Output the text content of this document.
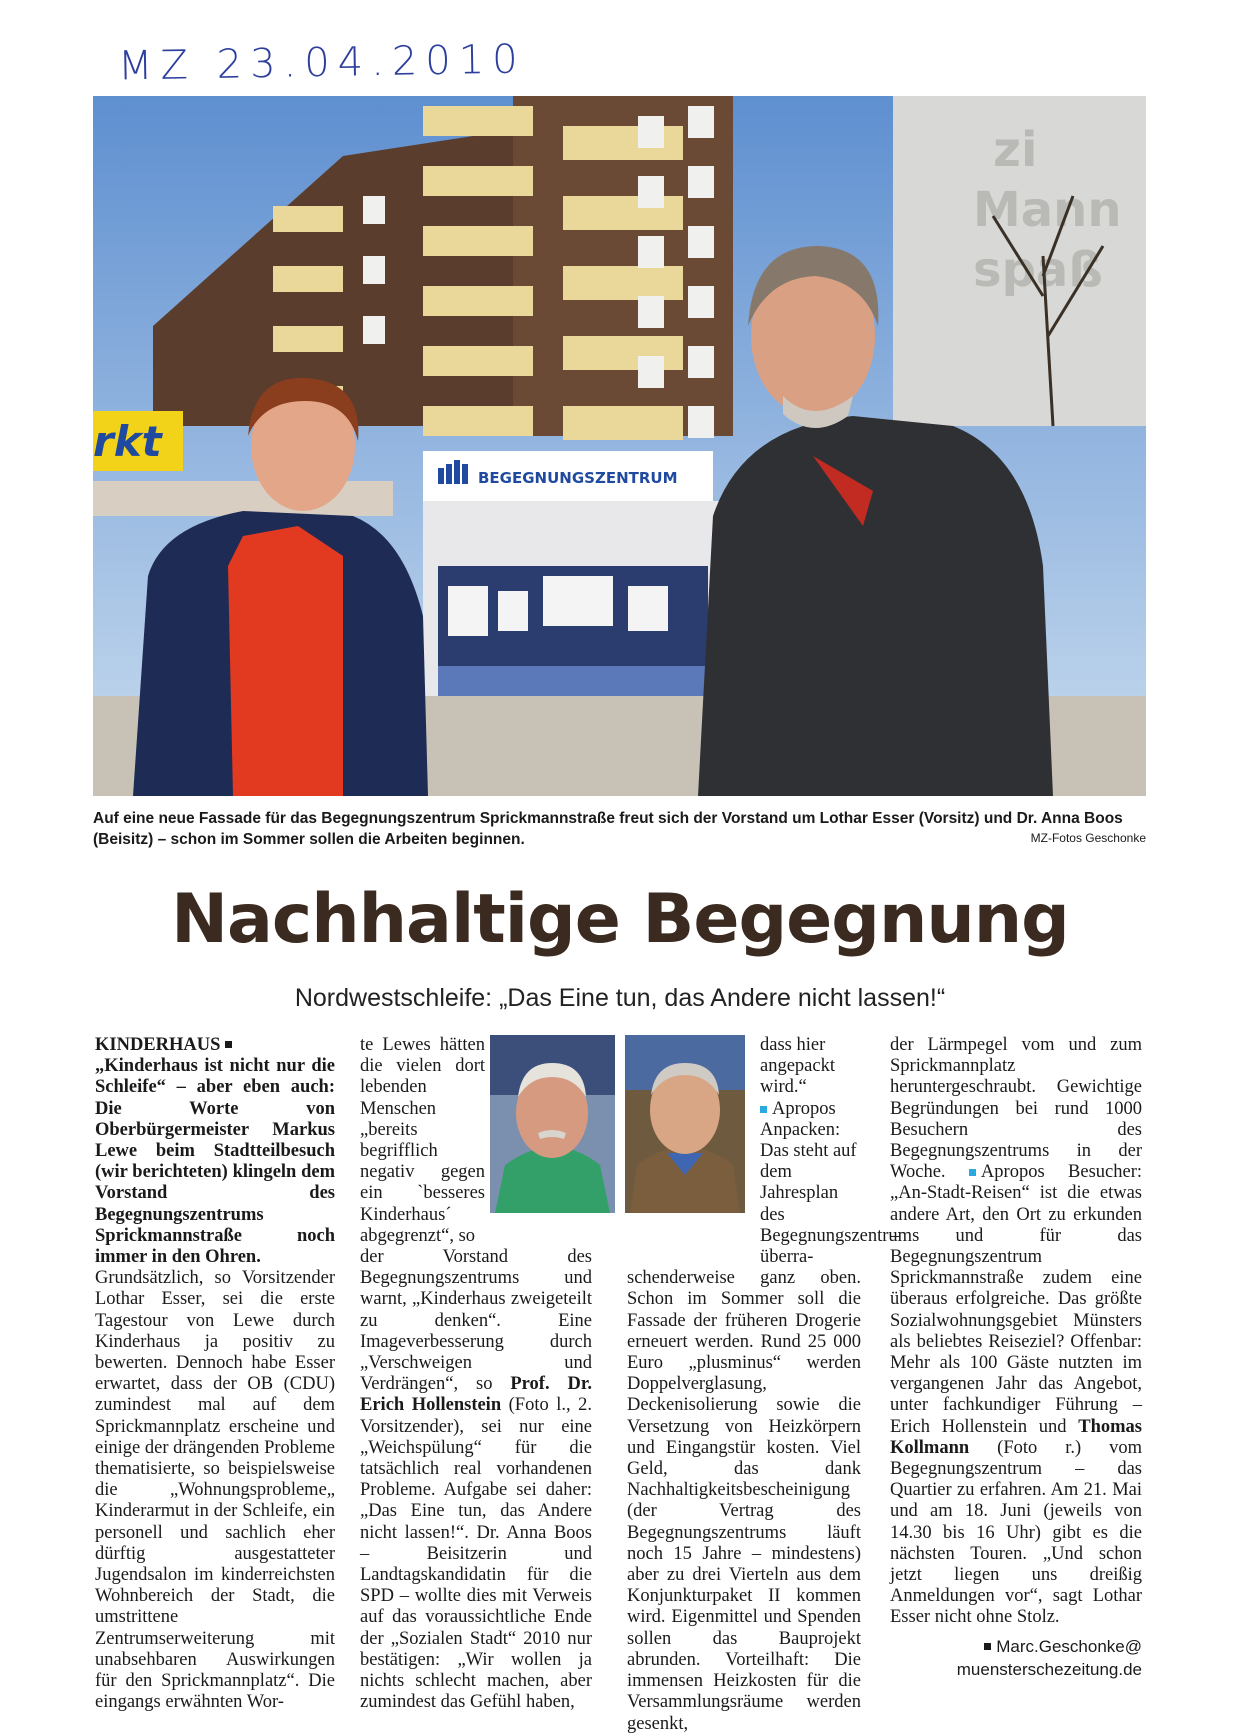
MZ 23.04.2010
zi
Mann
spaß
rkt
BEGEGNUNGSZENTRUM
Auf eine neue Fassade für das Begegnungszentrum Sprickmannstraße freut sich der Vorstand um Lothar Esser (Vorsitz) und Dr. Anna Boos (Beisitz) – schon im Sommer sollen die Arbeiten beginnen.	MZ-Fotos Geschonke
Nachhaltige Begegnung
Nordwestschleife: „Das Eine tun, das Andere nicht lassen!“

KINDERHAUS„Kinderhaus ist nicht nur die Schleife“ – aber eben auch: Die Worte von Oberbürgermeister Markus Lewe beim Stadtteilbesuch (wir berichteten) klingeln dem Vorstand des Begegnungszentrums Sprickmannstraße noch immer in den Ohren.

Grundsätzlich, so Vorsitzender Lothar Esser, sei die erste Tagestour von Lewe durch Kinderhaus ja positiv zu bewerten. Dennoch habe Esser erwartet, dass der OB (CDU) zumindest mal auf dem Sprickmannplatz erscheine und einige der drängenden Probleme thematisierte, so beispielsweise die „Wohnungsprobleme„ Kinderarmut in der Schleife, ein personell und sachlich eher dürftig ausgestatteter Jugendsalon im kinderreichsten Wohnbereich der Stadt, die umstrittene Zentrumserweiterung mit unabsehbaren Auswirkungen für den Sprickmannplatz“. Die eingangs erwähnten Wor-

te Lewes hätten die vielen dort lebenden Menschen „bereits begrifflich negativ gegen ein `besseres Kinderhaus´ abgegrenzt“, so

der Vorstand des Begegnungszentrums und warnt, „Kinderhaus zweigeteilt zu denken“. Eine Imageverbesserung durch „Verschweigen und Verdrängen“, so Prof. Dr. Erich Hollenstein (Foto l., 2. Vorsitzender), sei nur eine „Weichspülung“ für die tatsächlich real vorhandenen Probleme. Aufgabe sei daher: „Das Eine tun, das Andere nicht lassen!“. Dr. Anna Boos – Beisitzerin und Landtagskandidatin für die SPD – wollte dies mit Verweis auf das voraussichtliche Ende der „Sozialen Stadt“ 2010 nur bestätigen: „Wir wollen ja nichts schlecht machen, aber zumindest das Gefühl haben,

dass hier angepackt wird.“

Apropos Anpacken:

Das steht auf dem Jahresplan des Begegnungszentrums überra-

schenderweise ganz oben. Schon im Sommer soll die Fassade der früheren Drogerie erneuert werden. Rund 25 000 Euro „plusminus“ werden Doppelverglasung, Deckenisolierung sowie die Versetzung von Heizkörpern und Eingangstür kosten. Viel Geld, das dank Nachhaltigkeitsbescheinigung (der Vertrag des Begegnungszentrums läuft noch 15 Jahre – mindestens) aber zu drei Vierteln aus dem Konjunkturpaket II kommen wird. Eigenmittel und Spenden sollen das Bauprojekt abrunden. Vorteilhaft: Die immensen Heizkosten für die Versammlungsräume werden gesenkt,

der Lärmpegel vom und zum Sprickmannplatz heruntergeschraubt. Gewichtige Begründungen bei rund 1000 Besuchern des Begegnungszentrums in der Woche. Apropos Besucher: „An-Stadt-Reisen“ ist die etwas andere Art, den Ort zu erkunden – und für das Begegnungszentrum Sprickmannstraße zudem eine überaus erfolgreiche. Das größte Sozialwohnungsgebiet Münsters als beliebtes Reiseziel? Offenbar: Mehr als 100 Gäste nutzten im vergangenen Jahr das Angebot, unter fachkundiger Führung – Erich Hollenstein und Thomas Kollmann (Foto r.) vom Begegnungszentrum – das Quartier zu erfahren. Am 21. Mai und am 18. Juni (jeweils von 14.30 bis 16 Uhr) gibt es die nächsten Touren. „Und schon jetzt liegen uns dreißig Anmeldungen vor“, sagt Lothar Esser nicht ohne Stolz.

Marc.Geschonke@
muensterschezeitung.de
